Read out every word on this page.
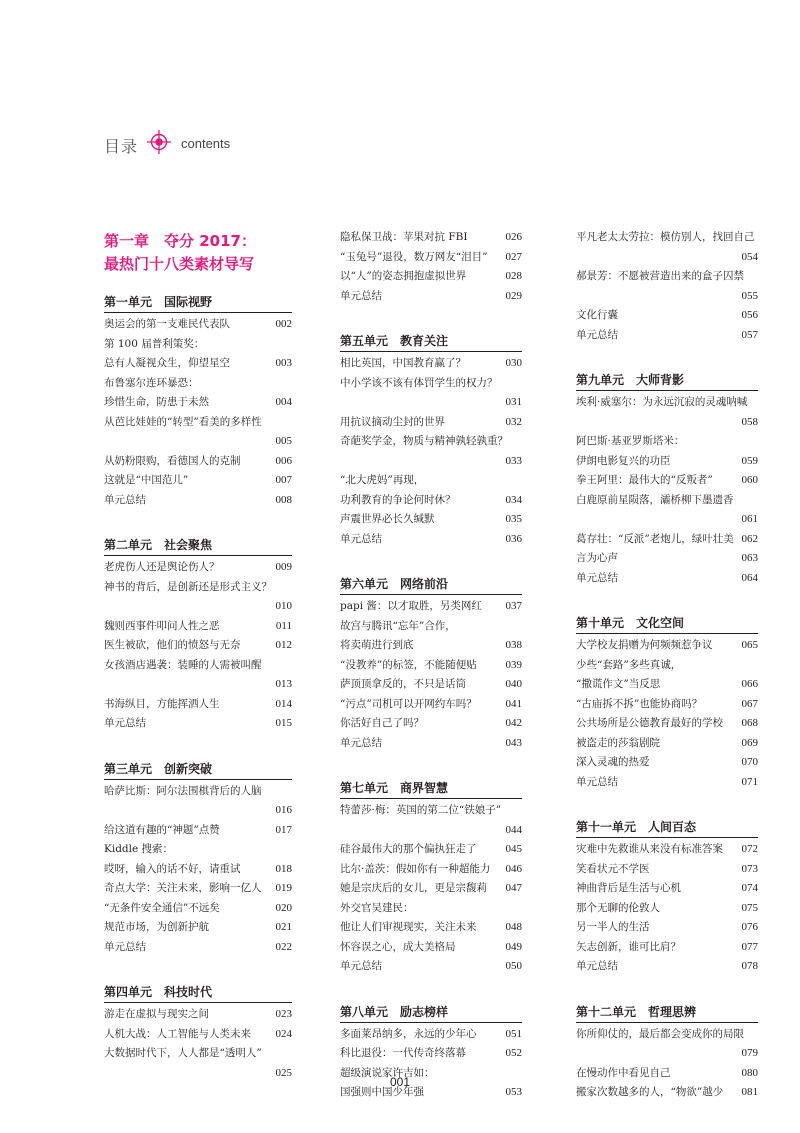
目录	contents
第一章　夺分 2017：
最热门十八类素材导写
第一单元　国际视野
奥运会的第一支难民代表队	002
第 100 届普利策奖：
总有人凝视众生，仰望星空	003
布鲁塞尔连环暴恐：
珍惜生命，防患于未然	004
从芭比娃娃的“转型”看美的多样性
005
从奶粉限购，看德国人的克制	006
这就是“中国范儿”	007
单元总结	008
第二单元　社会聚焦
老虎伤人还是舆论伤人？	009
神书的背后，是创新还是形式主义？
010
魏则西事件叩问人性之恶	011
医生被砍，他们的愤怒与无奈	012
女孩酒店遇袭：装睡的人需被叫醒
013
书海纵目，方能挥洒人生	014
单元总结	015
第三单元　创新突破
哈萨比斯：阿尔法围棋背后的人脑
016
给这道有趣的“神题”点赞	017
Kiddle 搜索：
哎呀，输入的话不好，请重试	018
奇点大学：关注未来，影响一亿人 019
“无条件安全通信”不远矣	020
规范市场，为创新护航	021
单元总结	022
第四单元　科技时代
游走在虚拟与现实之间	023
人机大战：人工智能与人类未来 024
大数据时代下，人人都是“透明人”
025
隐私保卫战：苹果对抗 FBI	026
“玉兔号”退役，数万网友“泪目” 027
以“人”的姿态拥抱虚拟世界	028
单元总结	029
第五单元　教育关注
相比英国，中国教育赢了？	030
中小学该不该有体罚学生的权力？
031
用抗议摘动尘封的世界	032
奇葩奖学金，物质与精神孰轻孰重？
033
“北大虎妈”再现，
功利教育的争论何时休？	034
声震世界必长久缄默	035
单元总结	036
第六单元　网络前沿
papi 酱：以才取胜，另类网红 037
故宫与腾讯“忘年”合作，
将卖萌进行到底	038
“没教养”的标签，不能随便贴	039
萨顶顶拿反的，不只是话筒	040
“污点”司机可以开网约车吗？	041
你活好自己了吗？	042
单元总结	043
第七单元　商界智慧
特蕾莎·梅：英国的第二位“铁娘子”
044
硅谷最伟大的那个偏执狂走了	045
比尔·盖茨：假如你有一种超能力 046
她是宗庆后的女儿，更是宗馥莉 047
外交官吴建民：
他让人们审视现实，关注未来	048
怀容误之心，成大美格局	049
单元总结	050
第八单元　励志榜样
多面莱昂纳多，永远的少年心	051
科比退役：一代传奇终落幕	052
超级演说家许吉如：
国强则中国少年强	053
平凡老太太劳拉：模仿别人，找回自己
054
郝景芳：不愿被营造出来的盒子囚禁
055
文化行囊	056
单元总结	057
第九单元　大师背影
埃利·威塞尔：为永远沉寂的灵魂呐喊
058
阿巴斯·基亚罗斯塔米：
伊朗电影复兴的功臣	059
拳王阿里：最伟大的“反叛者”	060
白鹿原前星陨落，灞桥柳下墨遗香
061
葛存壮：“反派”老炮儿，绿叶壮美 062
言为心声	063
单元总结	064
第十单元　文化空间
大学校友捐赠为何频频惹争议	065
少些“套路”多些真诚，
“撒谎作文”当反思	066
“古庙拆不拆”也能协商吗？	067
公共场所是公德教育最好的学校 068
被盗走的莎翁剧院	069
深入灵魂的热爱	070
单元总结	071
第十一单元　人间百态
灾难中先救谁从来没有标准答案 072
笑看状元不学医	073
神曲背后是生活与心机	074
那个无聊的伦敦人	075
另一半人的生活	076
矢志创新，谁可比肩？	077
单元总结	078
第十二单元　哲理思辨
你所仰仗的，最后都会变成你的局限
079
在慢动作中看见自己	080
搬家次数越多的人，“物欲”越少 081
001
